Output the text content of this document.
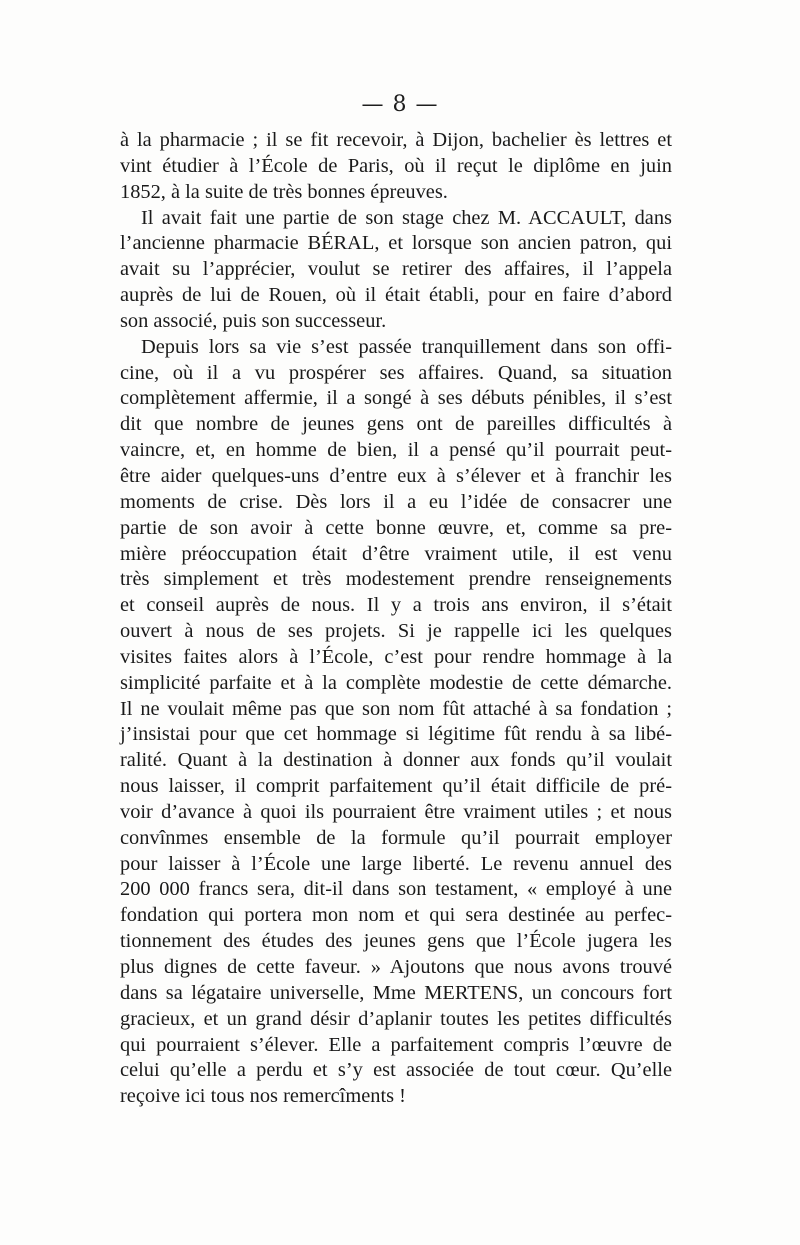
— 8 —
à la pharmacie ; il se fit recevoir, à Dijon, bachelier ès lettres et
vint étudier à l’École de Paris, où il reçut le diplôme en juin
1852, à la suite de très bonnes épreuves.
Il avait fait une partie de son stage chez M. ACCAULT, dans
l’ancienne pharmacie BÉRAL, et lorsque son ancien patron, qui
avait su l’apprécier, voulut se retirer des affaires, il l’appela
auprès de lui de Rouen, où il était établi, pour en faire d’abord
son associé, puis son successeur.
Depuis lors sa vie s’est passée tranquillement dans son offi-
cine, où il a vu prospérer ses affaires. Quand, sa situation
complètement affermie, il a songé à ses débuts pénibles, il s’est
dit que nombre de jeunes gens ont de pareilles difficultés à
vaincre, et, en homme de bien, il a pensé qu’il pourrait peut-
être aider quelques-uns d’entre eux à s’élever et à franchir les
moments de crise. Dès lors il a eu l’idée de consacrer une
partie de son avoir à cette bonne œuvre, et, comme sa pre-
mière préoccupation était d’être vraiment utile, il est venu
très simplement et très modestement prendre renseignements
et conseil auprès de nous. Il y a trois ans environ, il s’était
ouvert à nous de ses projets. Si je rappelle ici les quelques
visites faites alors à l’École, c’est pour rendre hommage à la
simplicité parfaite et à la complète modestie de cette démarche.
Il ne voulait même pas que son nom fût attaché à sa fondation ;
j’insistai pour que cet hommage si légitime fût rendu à sa libé-
ralité. Quant à la destination à donner aux fonds qu’il voulait
nous laisser, il comprit parfaitement qu’il était difficile de pré-
voir d’avance à quoi ils pourraient être vraiment utiles ; et nous
convînmes ensemble de la formule qu’il pourrait employer
pour laisser à l’École une large liberté. Le revenu annuel des
200 000 francs sera, dit-il dans son testament, « employé à une
fondation qui portera mon nom et qui sera destinée au perfec-
tionnement des études des jeunes gens que l’École jugera les
plus dignes de cette faveur. » Ajoutons que nous avons trouvé
dans sa légataire universelle, Mme MERTENS, un concours fort
gracieux, et un grand désir d’aplanir toutes les petites difficultés
qui pourraient s’élever. Elle a parfaitement compris l’œuvre de
celui qu’elle a perdu et s’y est associée de tout cœur. Qu’elle
reçoive ici tous nos remercîments !
